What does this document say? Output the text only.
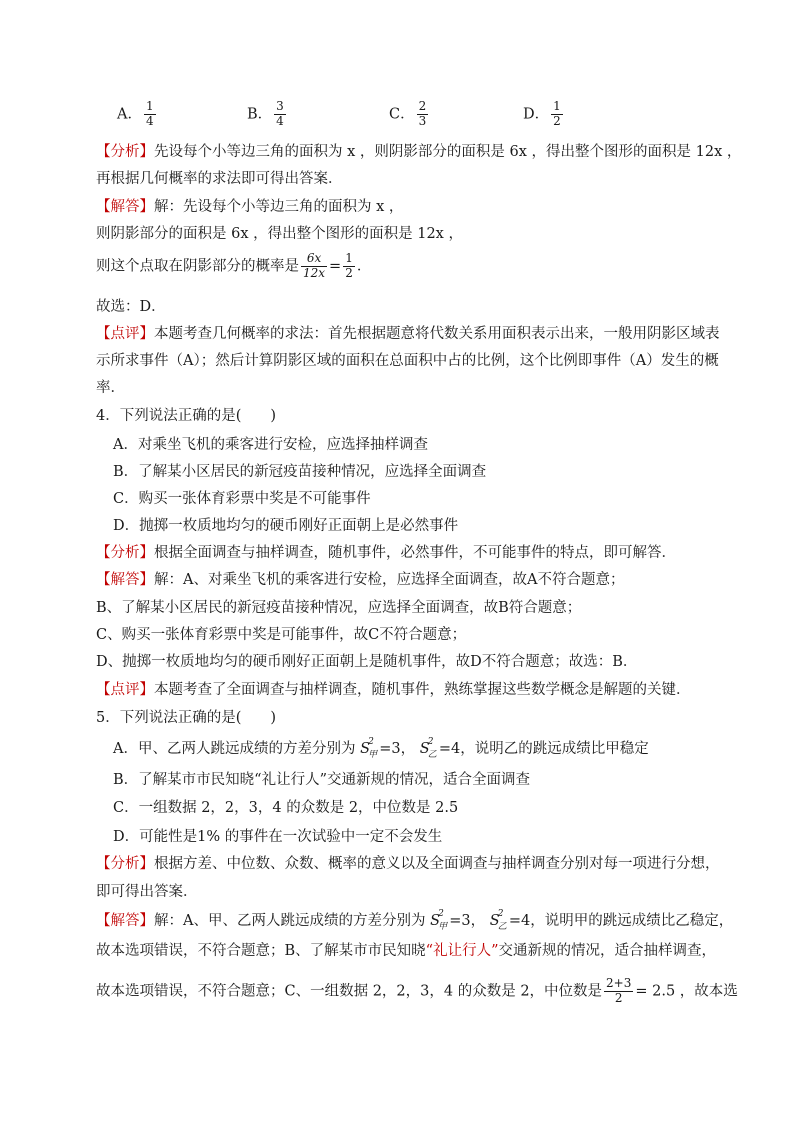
A． $\frac{1}{4}$	B． $\frac{3}{4}$	C． $\frac{2}{3}$	D． $\frac{1}{2}$
【分析】先设每个小等边三角的面积为 x ，则阴影部分的面积是 6x ，得出整个图形的面积是 12x ，
再根据几何概率的求法即可得出答案．
【解答】解：先设每个小等边三角的面积为 x ，
则阴影部分的面积是 6x ，得出整个图形的面积是 12x ，
则这个点取在阴影部分的概率是 $\frac{6x}{12x} = \frac{1}{2}$ ．
故选：D．
【点评】本题考查几何概率的求法：首先根据题意将代数关系用面积表示出来，一般用阴影区域表
示所求事件（A）；然后计算阴影区域的面积在总面积中占的比例，这个比例即事件（A）发生的概
率．
4．下列说法正确的是(　　)
A．对乘坐飞机的乘客进行安检，应选择抽样调查
B．了解某小区居民的新冠疫苗接种情况，应选择全面调查
C．购买一张体育彩票中奖是不可能事件
D．抛掷一枚质地均匀的硬币刚好正面朝上是必然事件
【分析】根据全面调查与抽样调查，随机事件，必然事件，不可能事件的特点，即可解答．
【解答】解：A、对乘坐飞机的乘客进行安检，应选择全面调查，故A不符合题意；
B、了解某小区居民的新冠疫苗接种情况，应选择全面调查，故B符合题意；
C、购买一张体育彩票中奖是可能事件，故C不符合题意；
D、抛掷一枚质地均匀的硬币刚好正面朝上是随机事件，故D不符合题意；故选：B．
【点评】本题考查了全面调查与抽样调查，随机事件，熟练掌握这些数学概念是解题的关键．
5．下列说法正确的是(　　)
A．甲、乙两人跳远成绩的方差分别为 S
2
甲 =3， S
2
乙 =4，说明乙的跳远成绩比甲稳定
B．了解某市市民知晓“礼让行人”交通新规的情况，适合全面调查
C．一组数据 2，2，3，4 的众数是 2，中位数是 2.5
D．可能性是1% 的事件在一次试验中一定不会发生
【分析】根据方差、中位数、众数、概率的意义以及全面调查与抽样调查分别对每一项进行分想，
即可得出答案．
【解答】解：A、甲、乙两人跳远成绩的方差分别为 S
2
甲 =3， S
2
乙 =4，说明甲的跳远成绩比乙稳定，
故本选项错误，不符合题意；B、了解某市市民知晓“礼让行人”交通新规的情况，适合抽样调查，
故本选项错误，不符合题意；C、一组数据 2，2，3，4 的众数是 2，中位数是 $\frac{2+3}{2} = 2.5$ ，故本选
